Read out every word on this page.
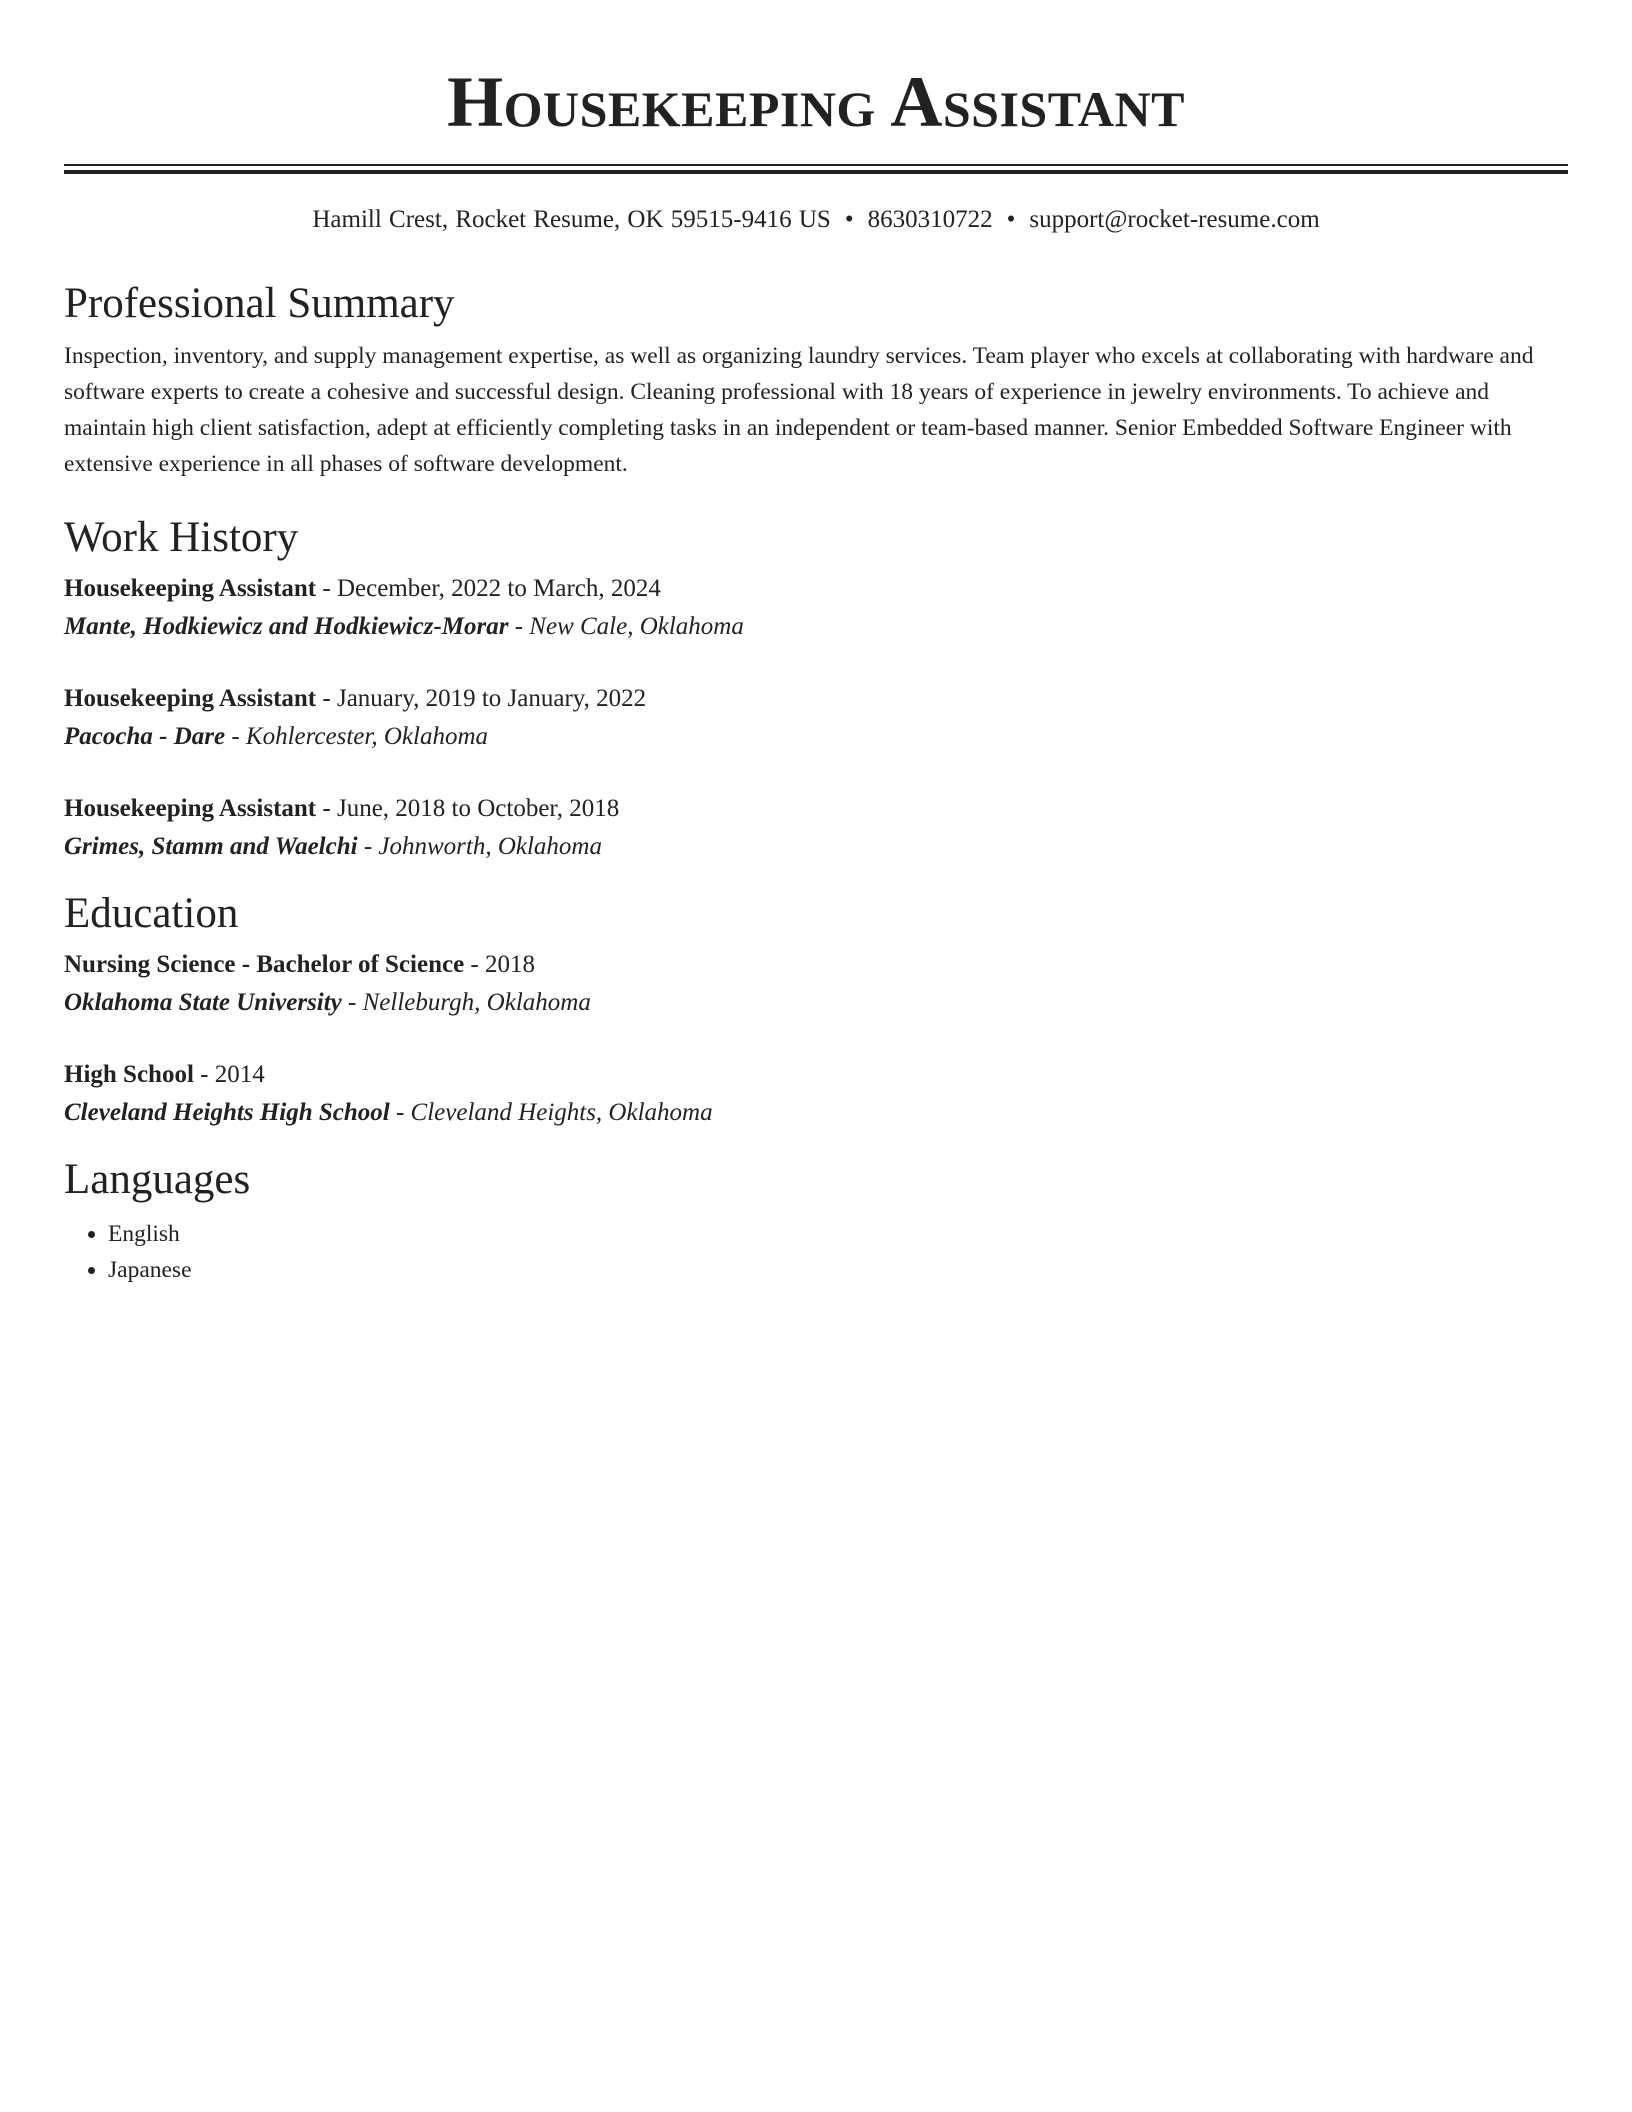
Housekeeping Assistant
Hamill Crest, Rocket Resume, OK 59515-9416 US • 8630310722 • support@rocket-resume.com
Professional Summary
Inspection, inventory, and supply management expertise, as well as organizing laundry services. Team player who excels at collaborating with hardware and software experts to create a cohesive and successful design. Cleaning professional with 18 years of experience in jewelry environments. To achieve and maintain high client satisfaction, adept at efficiently completing tasks in an independent or team-based manner. Senior Embedded Software Engineer with extensive experience in all phases of software development.
Work History
Housekeeping Assistant - December, 2022 to March, 2024
Mante, Hodkiewicz and Hodkiewicz-Morar - New Cale, Oklahoma
Housekeeping Assistant - January, 2019 to January, 2022
Pacocha - Dare - Kohlercester, Oklahoma
Housekeeping Assistant - June, 2018 to October, 2018
Grimes, Stamm and Waelchi - Johnworth, Oklahoma
Education
Nursing Science - Bachelor of Science - 2018
Oklahoma State University - Nelleburgh, Oklahoma
High School - 2014
Cleveland Heights High School - Cleveland Heights, Oklahoma
Languages
• English
• Japanese
